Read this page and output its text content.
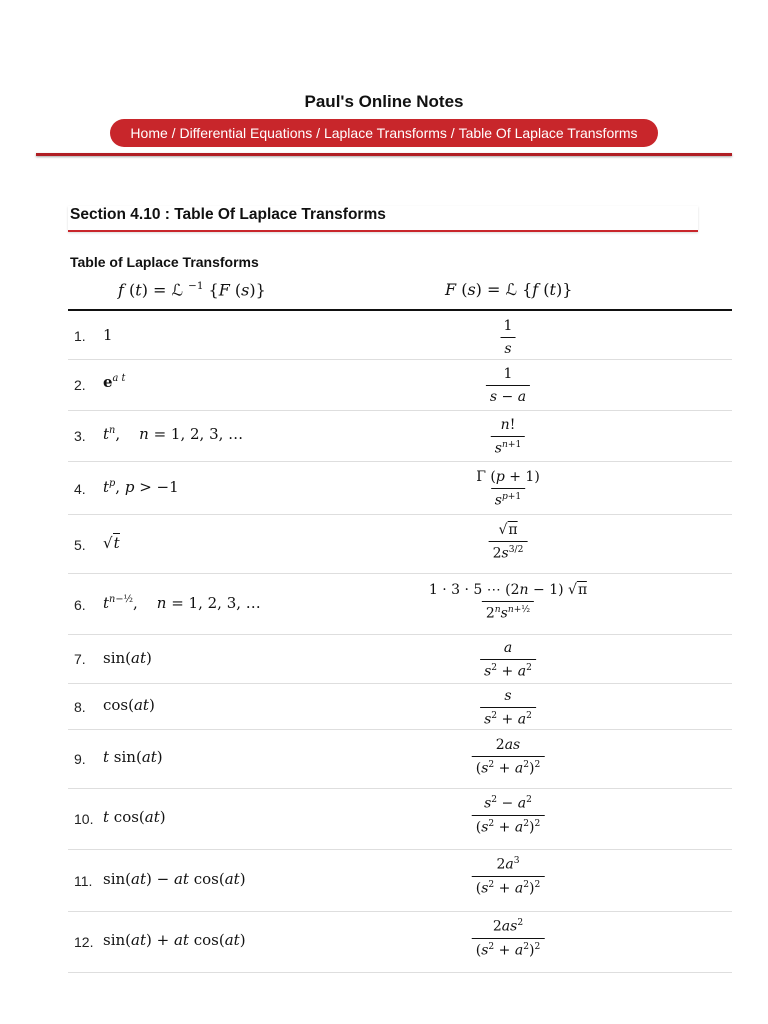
Paul's Online Notes
Home / Differential Equations / Laplace Transforms / Table Of Laplace Transforms
Section 4.10 : Table Of Laplace Transforms
Table of Laplace Transforms
f (t) = ℒ $^{-1}$ {F (s)}	F (s) = ℒ {f (t)}
1. 1	$\frac{1}{s}$
2. $e^{a t}$	$\frac{1}{s - a}$
3. $t^n$,    n = 1, 2, 3, …	$\frac{n!}{s^{n+1}}$
4. $t^p$, p > −1	$\frac{\Gamma (p + 1)}{s^{p+1}}$
5. √t	$\frac{√\pi}{2s^{3/2}}$
6. $t^{n-\frac{1}{2}}$,    n = 1, 2, 3, …	$\frac{1 \cdot 3 \cdot 5 \cdots (2n - 1) √\pi}{2^ns^{n+\frac{1}{2}}}$
7. sin(at)	$\frac{a}{s^2 + a^2}$
8. cos(at)	$\frac{s}{s^2 + a^2}$
9. t sin(at)	$\frac{2as}{(s^2 + a^2)^2}$
10. t cos(at)	$\frac{s^2 - a^2}{(s^2 + a^2)^2}$
11. sin(at) − at cos(at)	$\frac{2a^3}{(s^2 + a^2)^2}$
12. sin(at) + at cos(at)	$\frac{2as^2}{(s^2 + a^2)^2}$
